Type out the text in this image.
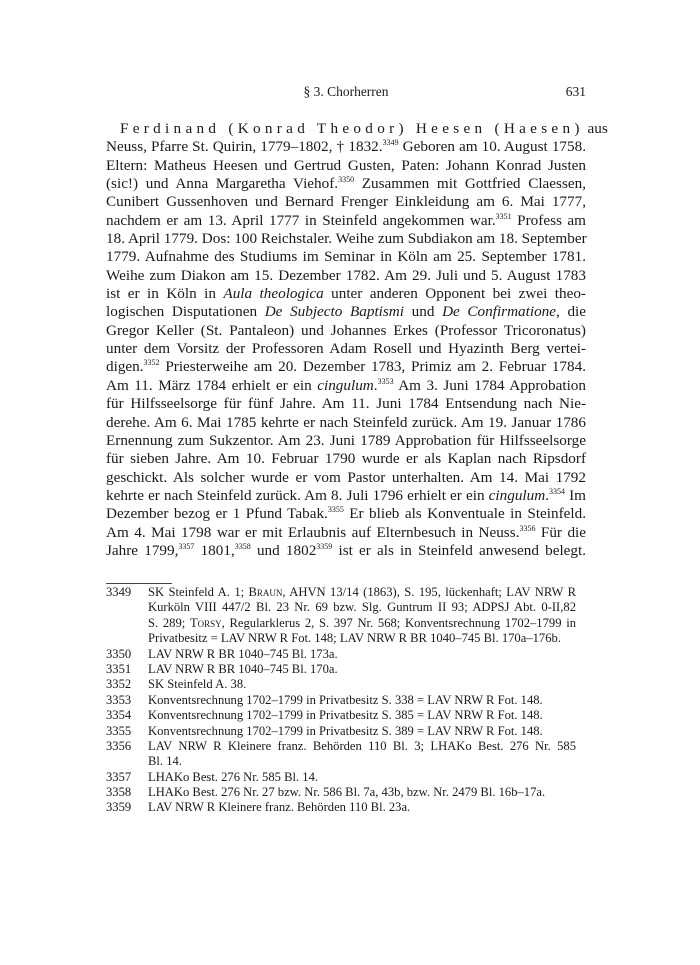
§ 3. Chorherren	631
Ferdinand (Konrad Theodor) Heesen (Haesen) aus
Neuss, Pfarre St. Quirin, 1779–1802, † 1832.$^{3349}$ Geboren am 10. August 1758.
Eltern: Matheus Heesen und Gertrud Gusten, Paten: Johann Konrad Justen
(sic!) und Anna Margaretha Viehof.$^{3350}$ Zusammen mit Gottfried Claessen,
Cunibert Gussenhoven und Bernard Frenger Einkleidung am 6. Mai 1777,
nachdem er am 13. April 1777 in Steinfeld angekommen war.$^{3351}$ Profess am
18. April 1779. Dos: 100 Reichstaler. Weihe zum Subdiakon am 18. September
1779. Aufnahme des Studiums im Seminar in Köln am 25. September 1781.
Weihe zum Diakon am 15. Dezember 1782. Am 29. Juli und 5. August 1783
ist er in Köln in Aula theologica unter anderen Opponent bei zwei theo-
logischen Disputationen De Subjecto Baptismi und De Confirmatione, die
Gregor Keller (St. Pantaleon) und Johannes Erkes (Professor Tricoronatus)
unter dem Vorsitz der Professoren Adam Rosell und Hyazinth Berg vertei-
digen.$^{3352}$ Priesterweihe am 20. Dezember 1783, Primiz am 2. Februar 1784.
Am 11. März 1784 erhielt er ein cingulum.$^{3353}$ Am 3. Juni 1784 Approbation
für Hilfsseelsorge für fünf Jahre. Am 11. Juni 1784 Entsendung nach Nie-
derehe. Am 6. Mai 1785 kehrte er nach Steinfeld zurück. Am 19. Januar 1786
Ernennung zum Sukzentor. Am 23. Juni 1789 Approbation für Hilfsseelsorge
für sieben Jahre. Am 10. Februar 1790 wurde er als Kaplan nach Ripsdorf
geschickt. Als solcher wurde er vom Pastor unterhalten. Am 14. Mai 1792
kehrte er nach Steinfeld zurück. Am 8. Juli 1796 erhielt er ein cingulum.$^{3354}$ Im
Dezember bezog er 1 Pfund Tabak.$^{3355}$ Er blieb als Konventuale in Steinfeld.
Am 4. Mai 1798 war er mit Erlaubnis auf Elternbesuch in Neuss.$^{3356}$ Für die
Jahre 1799,$^{3357}$ 1801,$^{3358}$ und $1802^{3359}$ ist er als in Steinfeld anwesend belegt.
3349 SK Steinfeld A. 1; Braun, AHVN 13/14 (1863), S. 195, lückenhaft; LAV NRW R
Kurköln VIII 447/2 Bl. 23 Nr. 69 bzw. Slg. Guntrum II 93; ADPSJ Abt. 0-II,82
S. 289; Torsy, Regularklerus 2, S. 397 Nr. 568; Konventsrechnung 1702–1799 in
Privatbesitz = LAV NRW R Fot. 148; LAV NRW R BR 1040–745 Bl. 170a–176b.
3350 LAV NRW R BR 1040–745 Bl. 173a.
3351 LAV NRW R BR 1040–745 Bl. 170a.
3352 SK Steinfeld A. 38.
3353 Konventsrechnung 1702–1799 in Privatbesitz S. 338 = LAV NRW R Fot. 148.
3354 Konventsrechnung 1702–1799 in Privatbesitz S. 385 = LAV NRW R Fot. 148.
3355 Konventsrechnung 1702–1799 in Privatbesitz S. 389 = LAV NRW R Fot. 148.
3356 LAV NRW R Kleinere franz. Behörden 110 Bl. 3; LHAKo Best. 276 Nr. 585
Bl. 14.
3357 LHAKo Best. 276 Nr. 585 Bl. 14.
3358 LHAKo Best. 276 Nr. 27 bzw. Nr. 586 Bl. 7a, 43b, bzw. Nr. 2479 Bl. 16b–17a.
3359 LAV NRW R Kleinere franz. Behörden 110 Bl. 23a.
